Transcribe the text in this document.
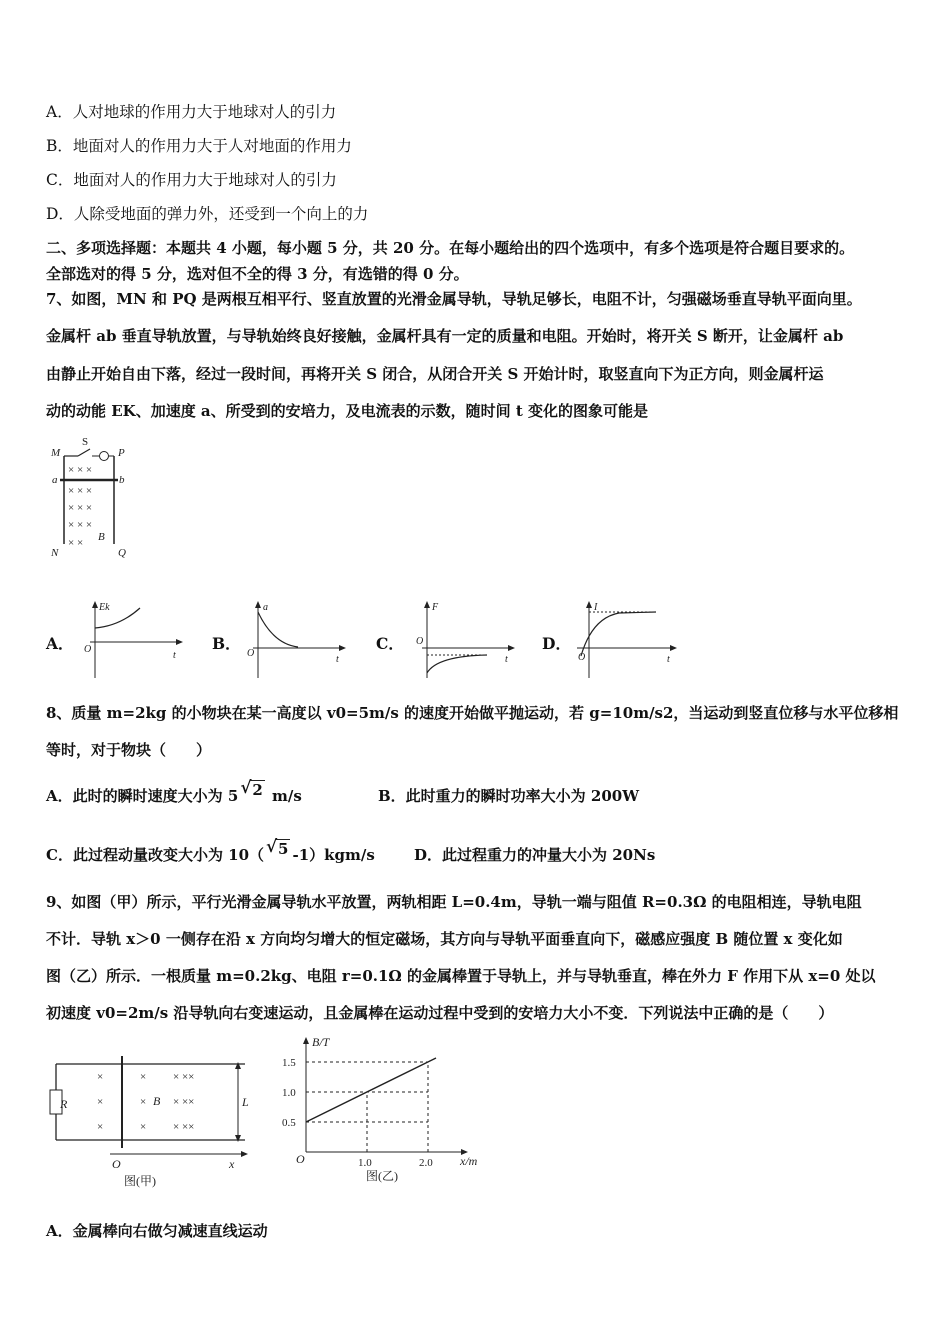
A．人对地球的作用力大于地球对人的引力
B．地面对人的作用力大于人对地面的作用力
C．地面对人的作用力大于地球对人的引力
D．人除受地面的弹力外，还受到一个向上的力
二、多项选择题：本题共 4 小题，每小题 5 分，共 20 分。在每小题给出的四个选项中，有多个选项是符合题目要求的。
全部选对的得 5 分，选对但不全的得 3 分，有选错的得 0 分。
7、如图，MN 和 PQ 是两根互相平行、竖直放置的光滑金属导轨，导轨足够长，电阻不计，匀强磁场垂直导轨平面向里。
金属杆 ab 垂直导轨放置，与导轨始终良好接触，金属杆具有一定的质量和电阻。开始时，将开关 S 断开，让金属杆 ab
由静止开始自由下落，经过一段时间，再将开关 S 闭合，从闭合开关 S 开始计时，取竖直向下为正方向，则金属杆运
动的动能 EK、加速度 a、所受到的安培力，及电流表的示数，随时间 t 变化的图象可能是
× × ×
× × ×
× × ×
× × ×
× ×
M
S
P
a	b
B
N	Q
A．
Ek
O
t
B．
a
O
t
C．
F
O
t
D．
I
O	t
8、质量 m=2kg 的小物块在某一高度以 v0=5m/s 的速度开始做平抛运动，若 g=10m/s2，当运动到竖直位移与水平位移相
等时，对于物块（　　）
A．此时的瞬时速度大小为 5 √ 2 m/s	B．此时重力的瞬时功率大小为 200W
C．此过程动量改变大小为 10（ √ 5 -1）kgm/s	D．此过程重力的冲量大小为 20Ns
9、如图（甲）所示，平行光滑金属导轨水平放置，两轨相距 L=0.4m，导轨一端与阻值 R=0.3Ω 的电阻相连，导轨电阻
不计．导轨 x＞0 一侧存在沿 x 方向均匀增大的恒定磁场，其方向与导轨平面垂直向下，磁感应强度 B 随位置 x 变化如
图（乙）所示．一根质量 m=0.2kg、电阻 r=0.1Ω 的金属棒置于导轨上，并与导轨垂直，棒在外力 F 作用下从 x=0 处以
初速度 v0=2m/s 沿导轨向右变速运动，且金属棒在运动过程中受到的安培力大小不变．下列说法中正确的是（　　）
R
×
×
×
×
×
×
× ××
× ××
× ××
B	L
O	x
图(甲)
B/T
x/m
O
图(乙)
1.5
1.0
0.5
1.0	2.0
A．金属棒向右做匀减速直线运动
